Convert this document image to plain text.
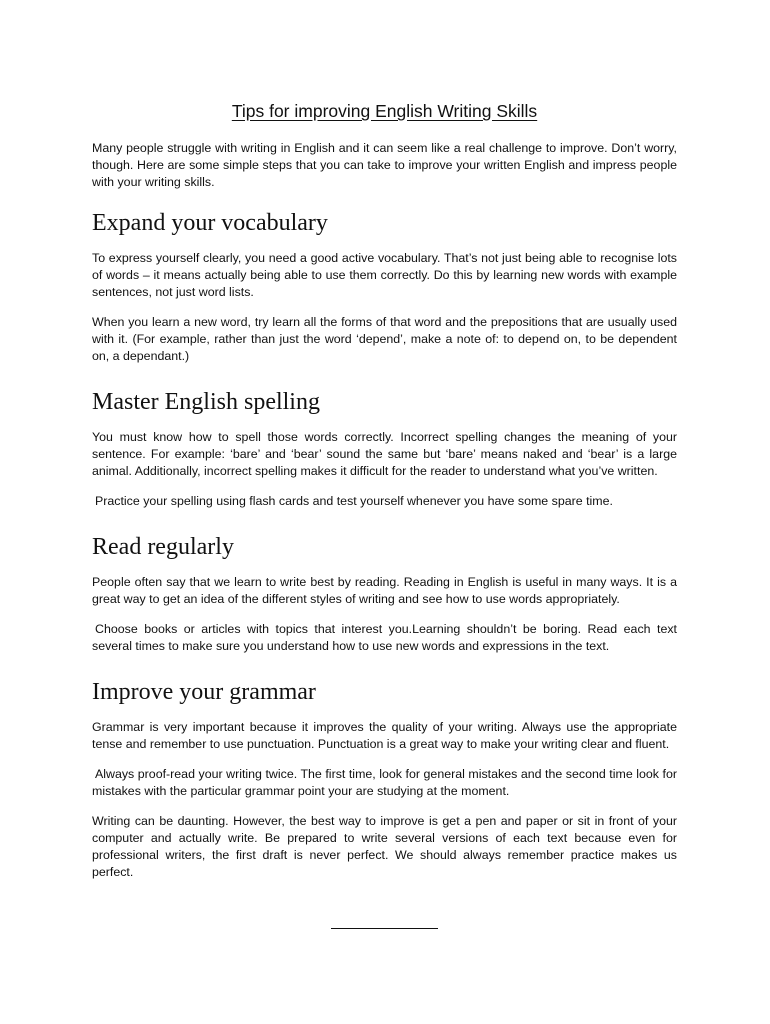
Tips for improving English Writing Skills

Many people struggle with writing in English and it can seem like a real challenge to improve. Don’t worry, though. Here are some simple steps that you can take to improve your written English and impress people with your writing skills.

Expand your vocabulary

To express yourself clearly, you need a good active vocabulary. That’s not just being able to recognise lots of words – it means actually being able to use them correctly. Do this by learning new words with example sentences, not just word lists.

When you learn a new word, try learn all the forms of that word and the prepositions that are usually used with it. (For example, rather than just the word ‘depend’, make a note of: to depend on, to be dependent on, a dependant.)

Master English spelling

You must know how to spell those words correctly. Incorrect spelling changes the meaning of your sentence. For example: ‘bare’ and ‘bear’ sound the same but ‘bare’ means naked and ‘bear’ is a large animal. Additionally, incorrect spelling makes it difficult for the reader to understand what you’ve written.

Practice your spelling using flash cards and test yourself whenever you have some spare time.

Read regularly

People often say that we learn to write best by reading. Reading in English is useful in many ways. It is a great way to get an idea of the different styles of writing and see how to use words appropriately.

Choose books or articles with topics that interest you.Learning shouldn’t be boring. Read each text several times to make sure you understand how to use new words and expressions in the text.

Improve your grammar

Grammar is very important because it improves the quality of your writing. Always use the appropriate tense and remember to use punctuation. Punctuation is a great way to make your writing clear and fluent.

Always proof-read your writing twice. The first time, look for general mistakes and the second time look for mistakes with the particular grammar point your are studying at the moment.

Writing can be daunting. However, the best way to improve is get a pen and paper or sit in front of your computer and actually write. Be prepared to write several versions of each text because even for professional writers, the first draft is never perfect. We should always remember practice makes us perfect.
